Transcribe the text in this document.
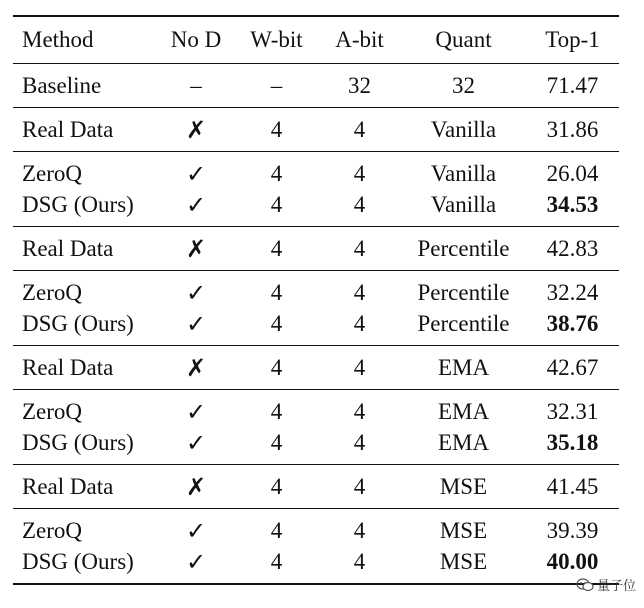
Method	No D	W-bit	A-bit	Quant	Top-1
Baseline	–	–	32	32	71.47
Real Data	✗	4	4	Vanilla	31.86
ZeroQ	✓	4	4	Vanilla	26.04
DSG (Ours)	✓	4	4	Vanilla	34.53
Real Data	✗	4	4	Percentile	42.83
ZeroQ	✓	4	4	Percentile	32.24
DSG (Ours)	✓	4	4	Percentile	38.76
Real Data	✗	4	4	EMA	42.67
ZeroQ	✓	4	4	EMA	32.31
DSG (Ours)	✓	4	4	EMA	35.18
Real Data	✗	4	4	MSE	41.45
ZeroQ	✓	4	4	MSE	39.39
DSG (Ours)	✓	4	4	MSE	40.00
量子位
